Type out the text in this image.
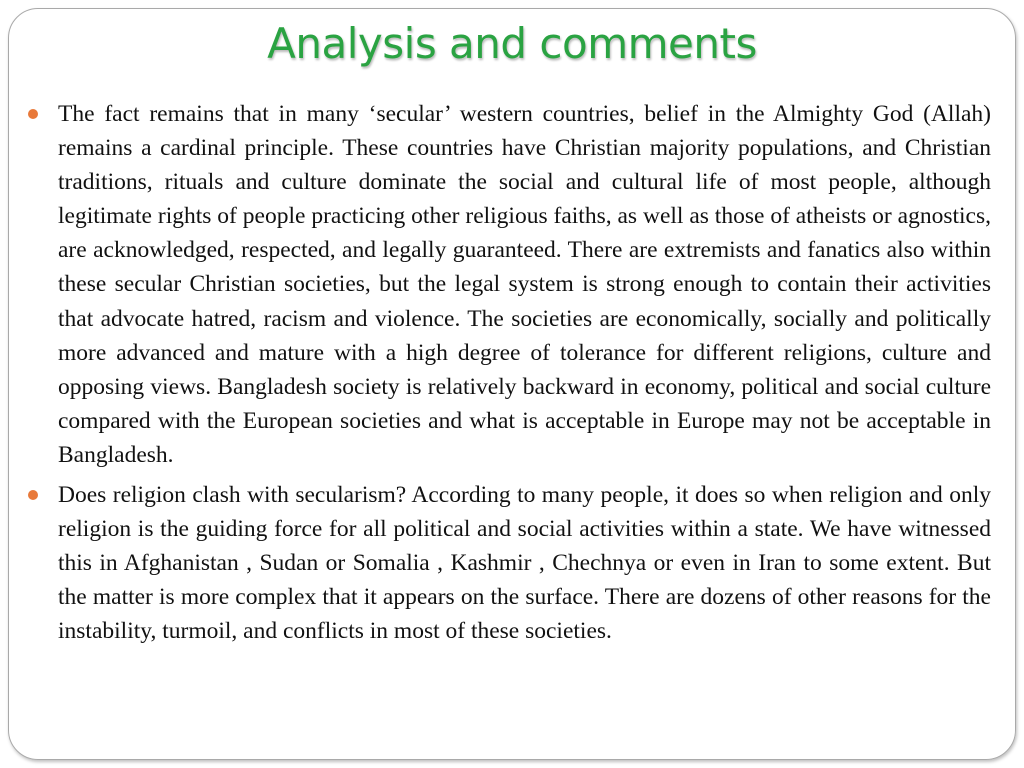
Analysis and comments
The fact remains that in many ‘secular’ western countries, belief in the Almighty God (Allah) remains a cardinal principle. These countries have Christian majority populations, and Christian traditions, rituals and culture dominate the social and cultural life of most people, although legitimate rights of people practicing other religious faiths, as well as those of atheists or agnostics, are acknowledged, respected, and legally guaranteed. There are extremists and fanatics also within these secular Christian societies, but the legal system is strong enough to contain their activities that advocate hatred, racism and violence. The societies are economically, socially and politically more advanced and mature with a high degree of tolerance for different religions, culture and opposing views. Bangladesh society is relatively backward in economy, political and social culture compared with the European societies and what is acceptable in Europe may not be acceptable in Bangladesh.
Does religion clash with secularism? According to many people, it does so when religion and only religion is the guiding force for all political and social activities within a state. We have witnessed this in Afghanistan , Sudan or Somalia , Kashmir , Chechnya or even in Iran to some extent. But the matter is more complex that it appears on the surface. There are dozens of other reasons for the instability, turmoil, and conflicts in most of these societies.
